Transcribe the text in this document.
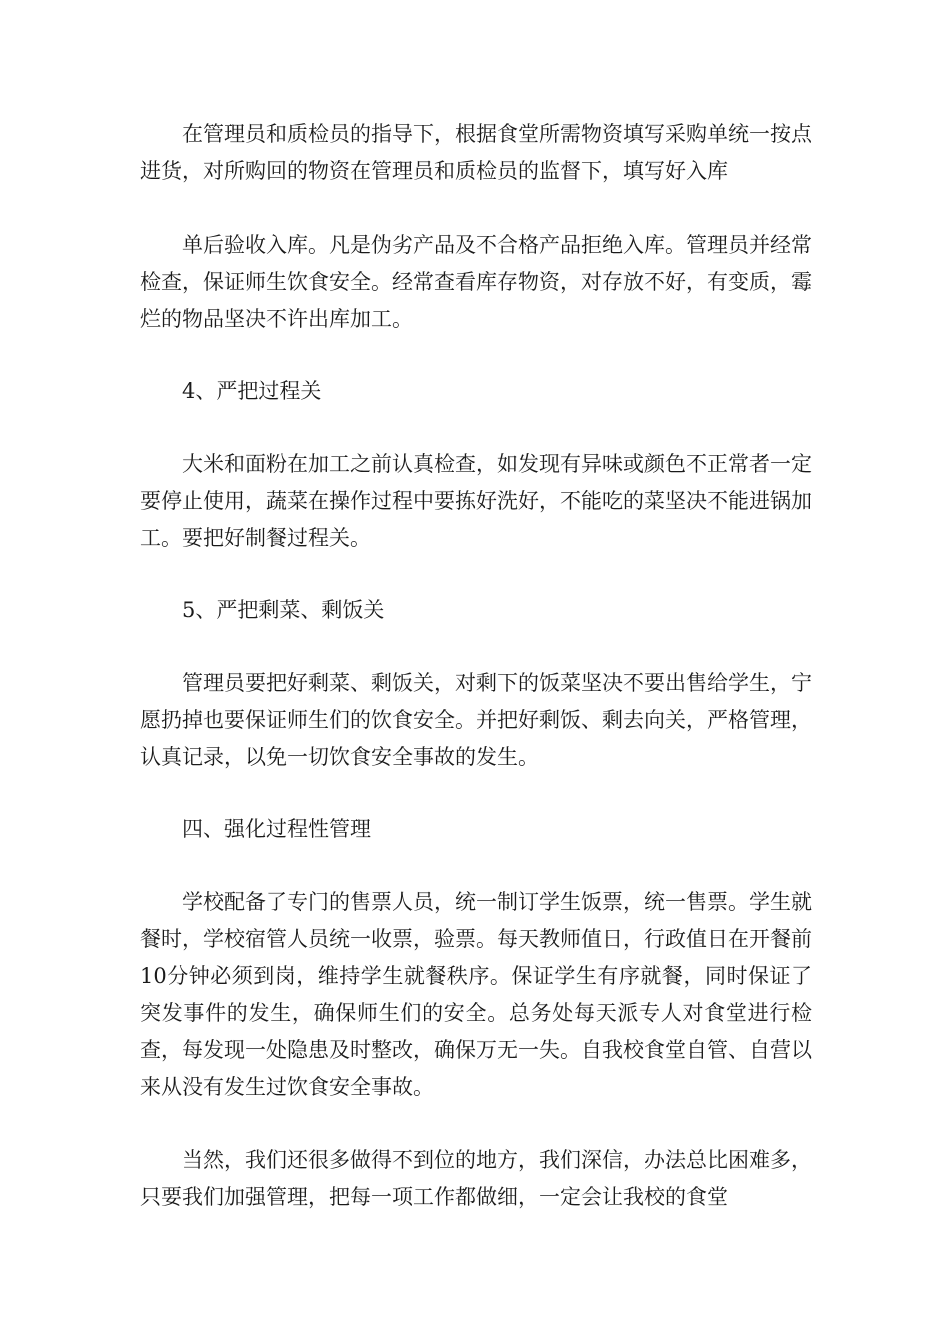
在管理员和质检员的指导下，根据食堂所需物资填写采购单统一按点进货，对所购回的物资在管理员和质检员的监督下，填写好入库

单后验收入库。凡是伪劣产品及不合格产品拒绝入库。管理员并经常检查，保证师生饮食安全。经常查看库存物资，对存放不好，有变质，霉烂的物品坚决不许出库加工。

4、严把过程关

大米和面粉在加工之前认真检查，如发现有异味或颜色不正常者一定要停止使用，蔬菜在操作过程中要拣好洗好，不能吃的菜坚决不能进锅加工。要把好制餐过程关。

5、严把剩菜、剩饭关

管理员要把好剩菜、剩饭关，对剩下的饭菜坚决不要出售给学生，宁愿扔掉也要保证师生们的饮食安全。并把好剩饭、剩去向关，严格管理，认真记录，以免一切饮食安全事故的发生。

四、强化过程性管理

学校配备了专门的售票人员，统一制订学生饭票，统一售票。学生就餐时，学校宿管人员统一收票，验票。每天教师值日，行政值日在开餐前10分钟必须到岗，维持学生就餐秩序。保证学生有序就餐，同时保证了突发事件的发生，确保师生们的安全。总务处每天派专人对食堂进行检查，每发现一处隐患及时整改，确保万无一失。自我校食堂自管、自营以来从没有发生过饮食安全事故。

当然，我们还很多做得不到位的地方，我们深信，办法总比困难多，只要我们加强管理，把每一项工作都做细，一定会让我校的食堂
